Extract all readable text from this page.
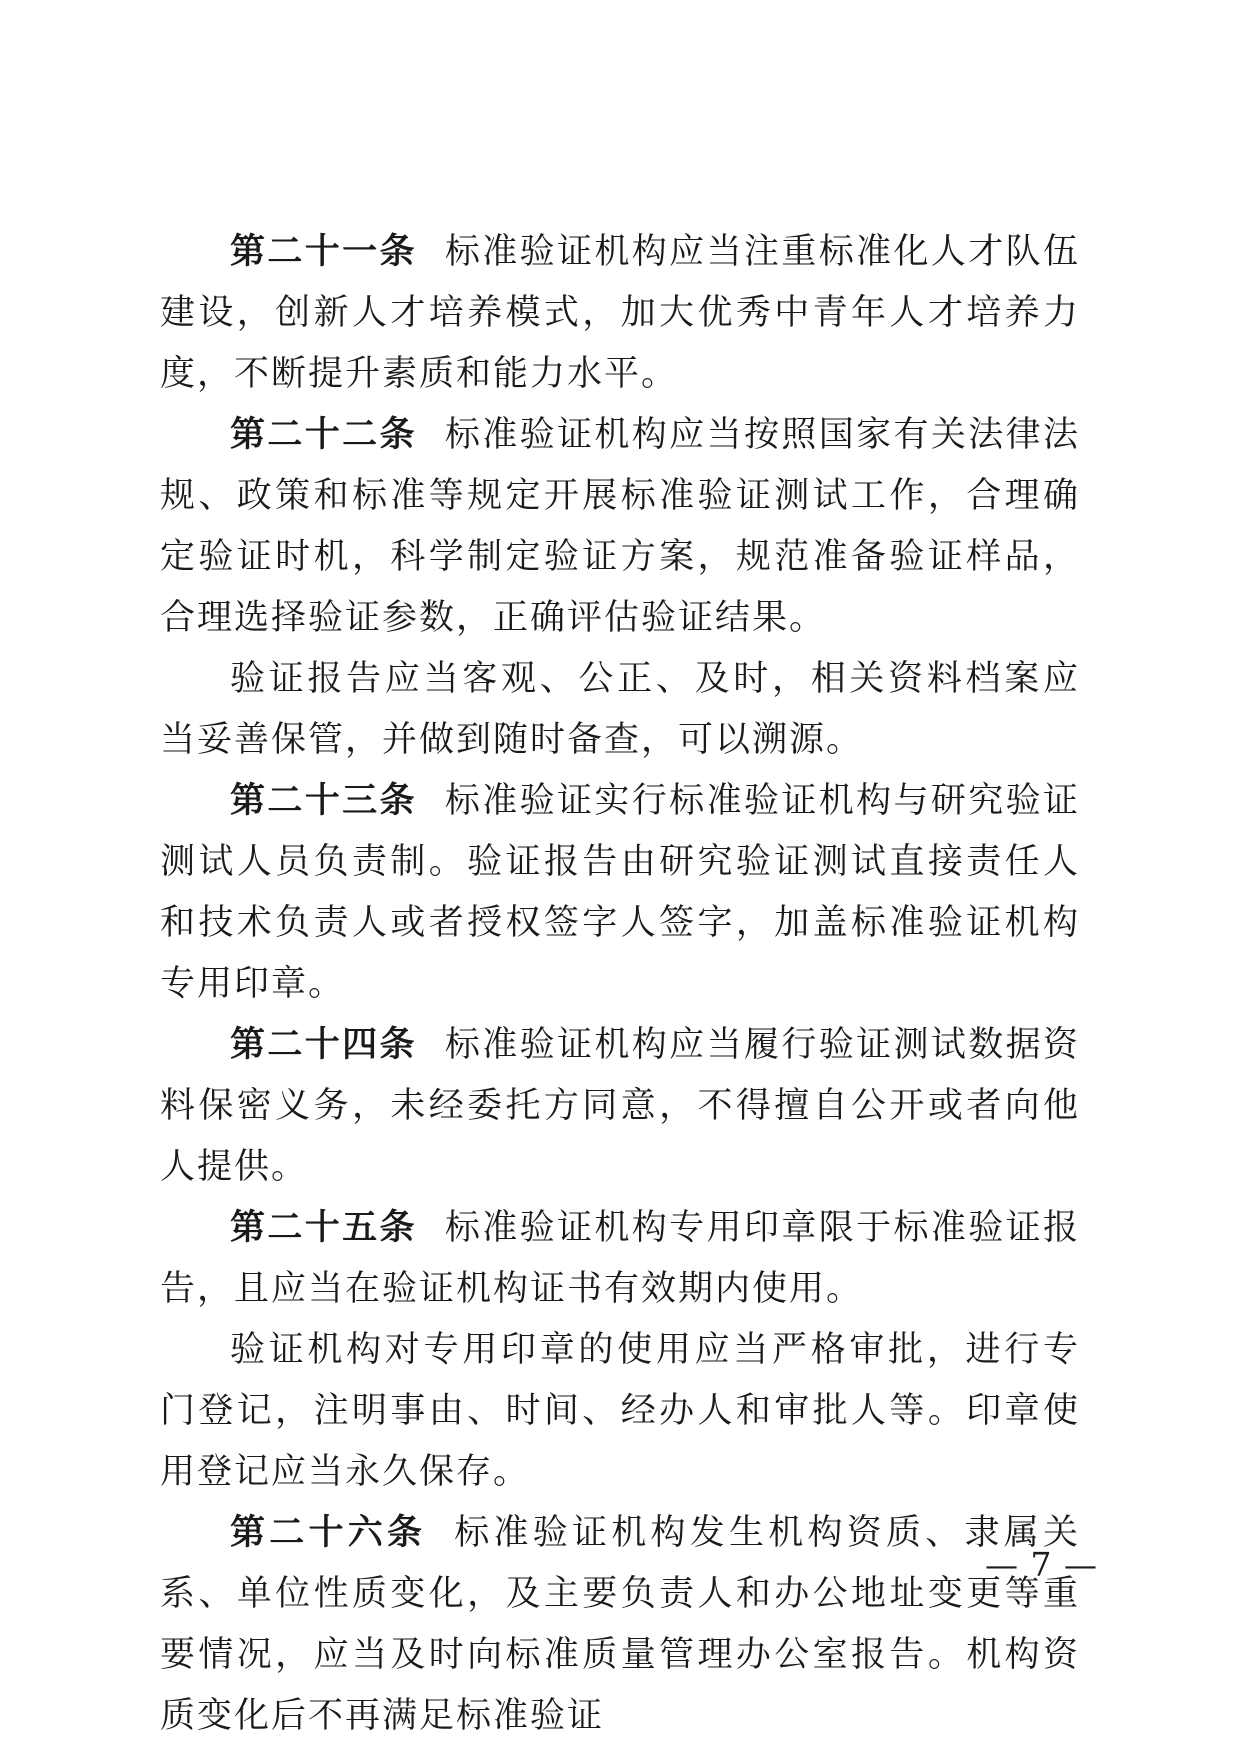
第二十一条 标准验证机构应当注重标准化人才队伍建设，创新人才培养模式，加大优秀中青年人才培养力度，不断提升素质和能力水平。

第二十二条 标准验证机构应当按照国家有关法律法规、政策和标准等规定开展标准验证测试工作，合理确定验证时机，科学制定验证方案，规范准备验证样品，合理选择验证参数，正确评估验证结果。

验证报告应当客观、公正、及时，相关资料档案应当妥善保管，并做到随时备查，可以溯源。

第二十三条 标准验证实行标准验证机构与研究验证测试人员负责制。验证报告由研究验证测试直接责任人和技术负责人或者授权签字人签字，加盖标准验证机构专用印章。

第二十四条 标准验证机构应当履行验证测试数据资料保密义务，未经委托方同意，不得擅自公开或者向他人提供。

第二十五条 标准验证机构专用印章限于标准验证报告，且应当在验证机构证书有效期内使用。

验证机构对专用印章的使用应当严格审批，进行专门登记，注明事由、时间、经办人和审批人等。印章使用登记应当永久保存。

第二十六条 标准验证机构发生机构资质、隶属关系、单位性质变化，及主要负责人和办公地址变更等重要情况，应当及时向标准质量管理办公室报告。机构资质变化后不再满足标准验证

— 7 —
